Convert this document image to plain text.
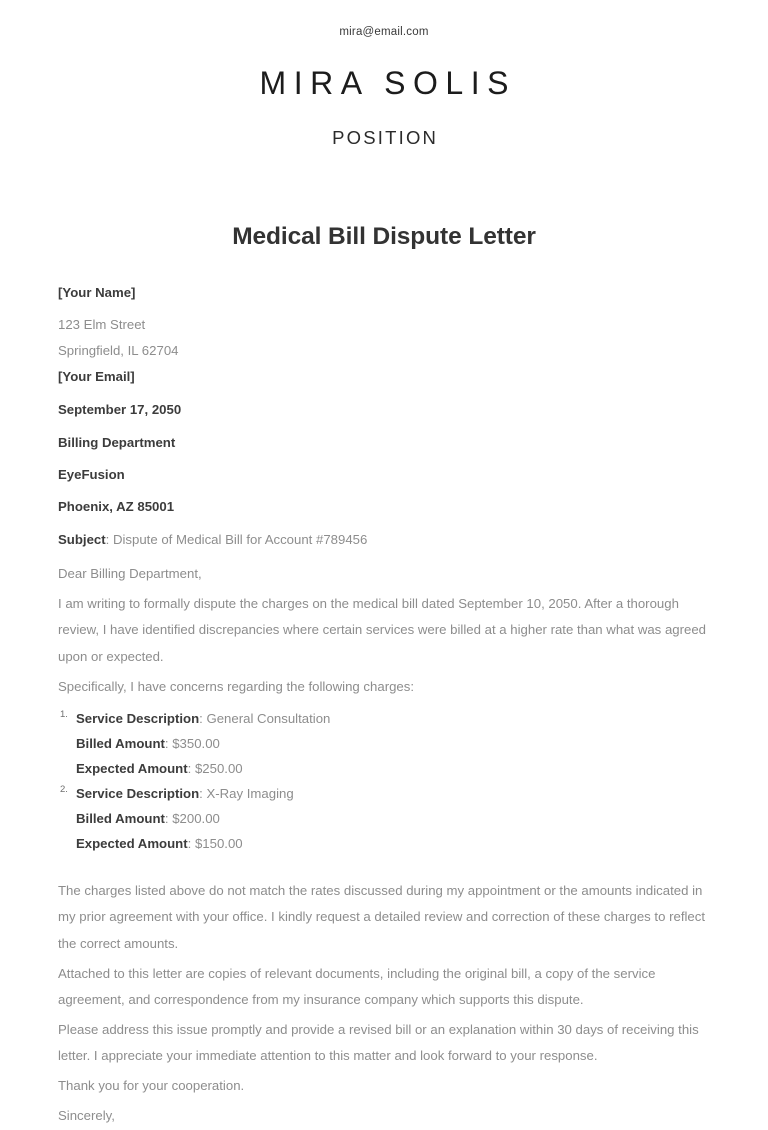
mira@email.com
MIRA SOLIS
POSITION
Medical Bill Dispute Letter
[Your Name]
123 Elm Street
Springfield, IL 62704
[Your Email]
September 17, 2050
Billing Department
EyeFusion
Phoenix, AZ 85001
Subject: Dispute of Medical Bill for Account #789456

Dear Billing Department,

I am writing to formally dispute the charges on the medical bill dated September 10, 2050. After a thorough review, I have identified discrepancies where certain services were billed at a higher rate than what was agreed upon or expected.

Specifically, I have concerns regarding the following charges:

1. Service Description: General Consultation
Billed Amount: $350.00
Expected Amount: $250.00
2. Service Description: X-Ray Imaging
Billed Amount: $200.00
Expected Amount: $150.00

The charges listed above do not match the rates discussed during my appointment or the amounts indicated in my prior agreement with your office. I kindly request a detailed review and correction of these charges to reflect the correct amounts.

Attached to this letter are copies of relevant documents, including the original bill, a copy of the service agreement, and correspondence from my insurance company which supports this dispute.

Please address this issue promptly and provide a revised bill or an explanation within 30 days of receiving this letter. I appreciate your immediate attention to this matter and look forward to your response.

Thank you for your cooperation.

Sincerely,
